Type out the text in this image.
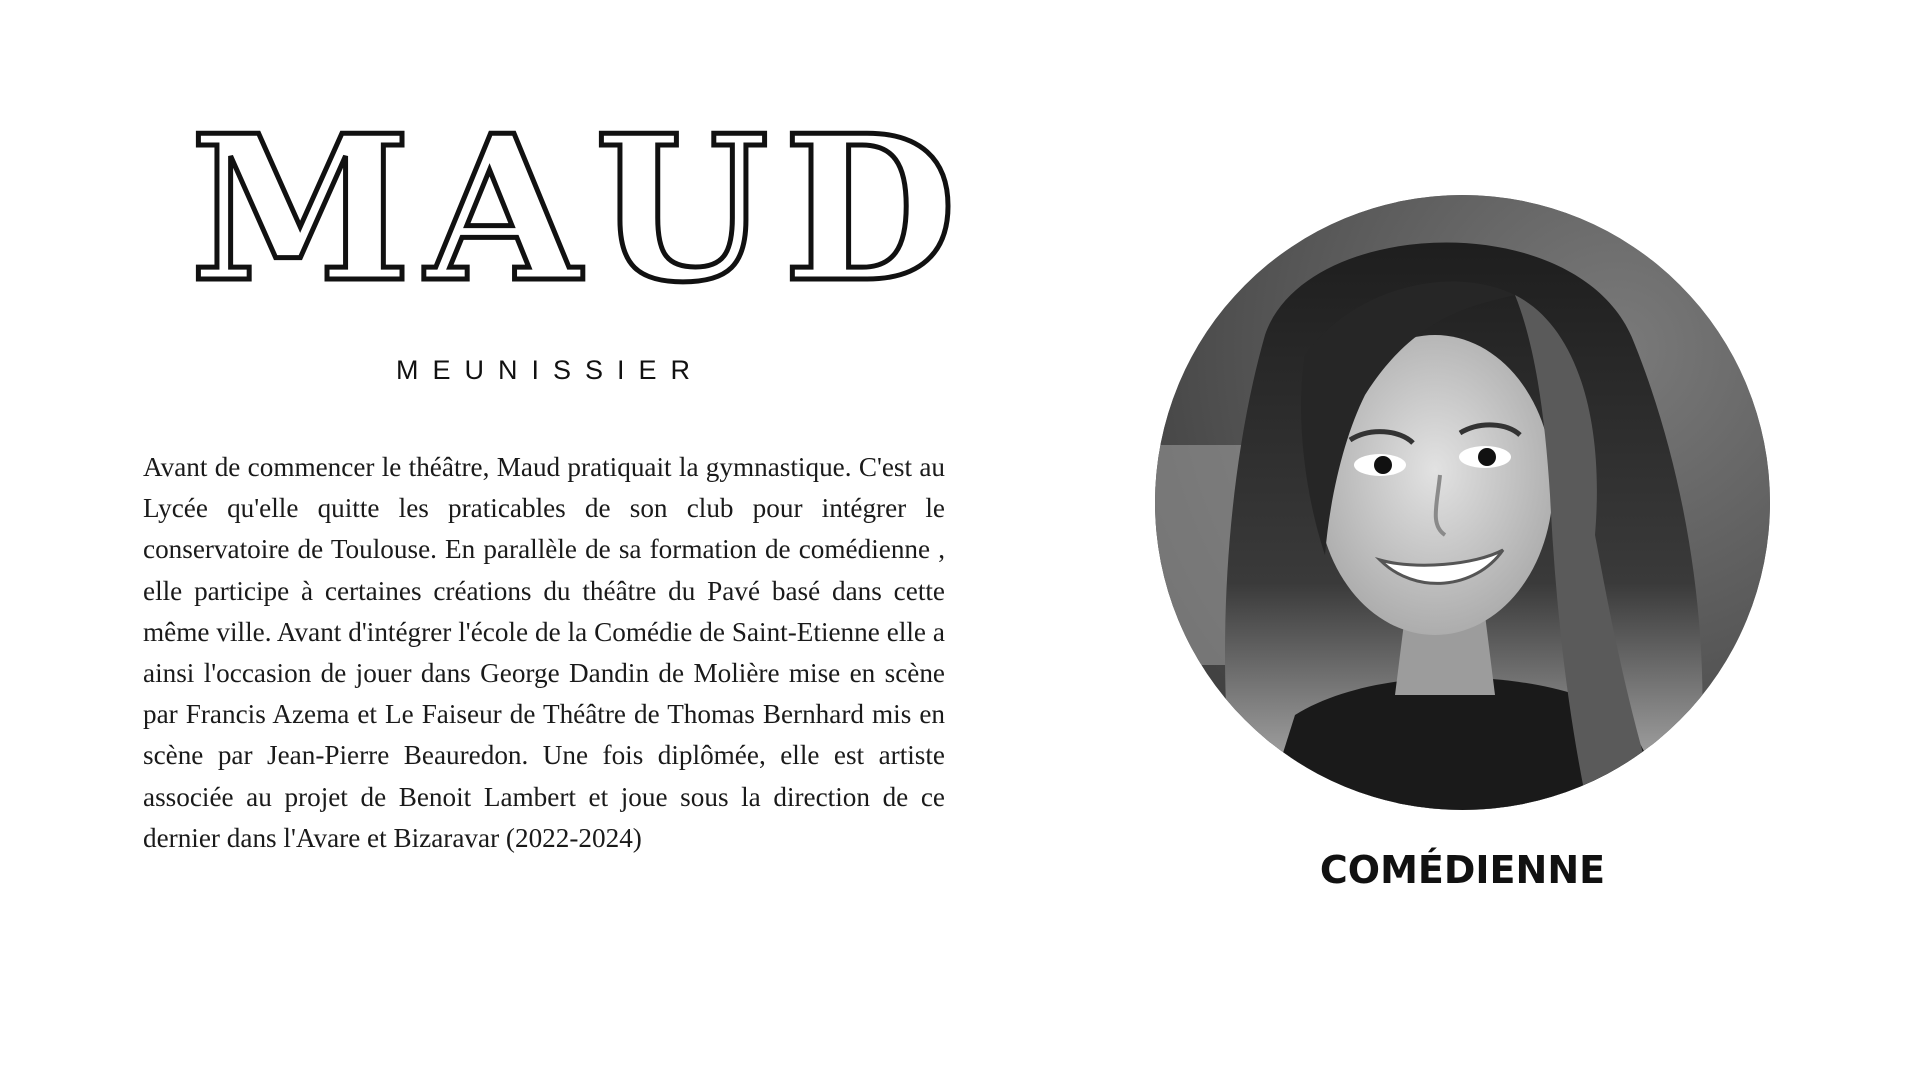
MAUD
MEUNISSIER

Avant de commencer le théâtre, Maud pratiquait la gymnastique. C'est au Lycée qu'elle quitte les praticables de son club pour intégrer le conservatoire de Toulouse. En parallèle de sa formation de comédienne , elle participe à certaines créations du théâtre du Pavé basé dans cette même ville. Avant d'intégrer l'école de la Comédie de Saint-Etienne elle a ainsi l'occasion de jouer dans George Dandin de Molière mise en scène par Francis Azema et Le Faiseur de Théâtre de Thomas Bernhard mis en scène par Jean-Pierre Beauredon. Une fois diplômée, elle est artiste associée au projet de Benoit Lambert et joue sous la direction de ce dernier dans l'Avare et Bizaravar (2022-2024)

COMÉDIENNE
